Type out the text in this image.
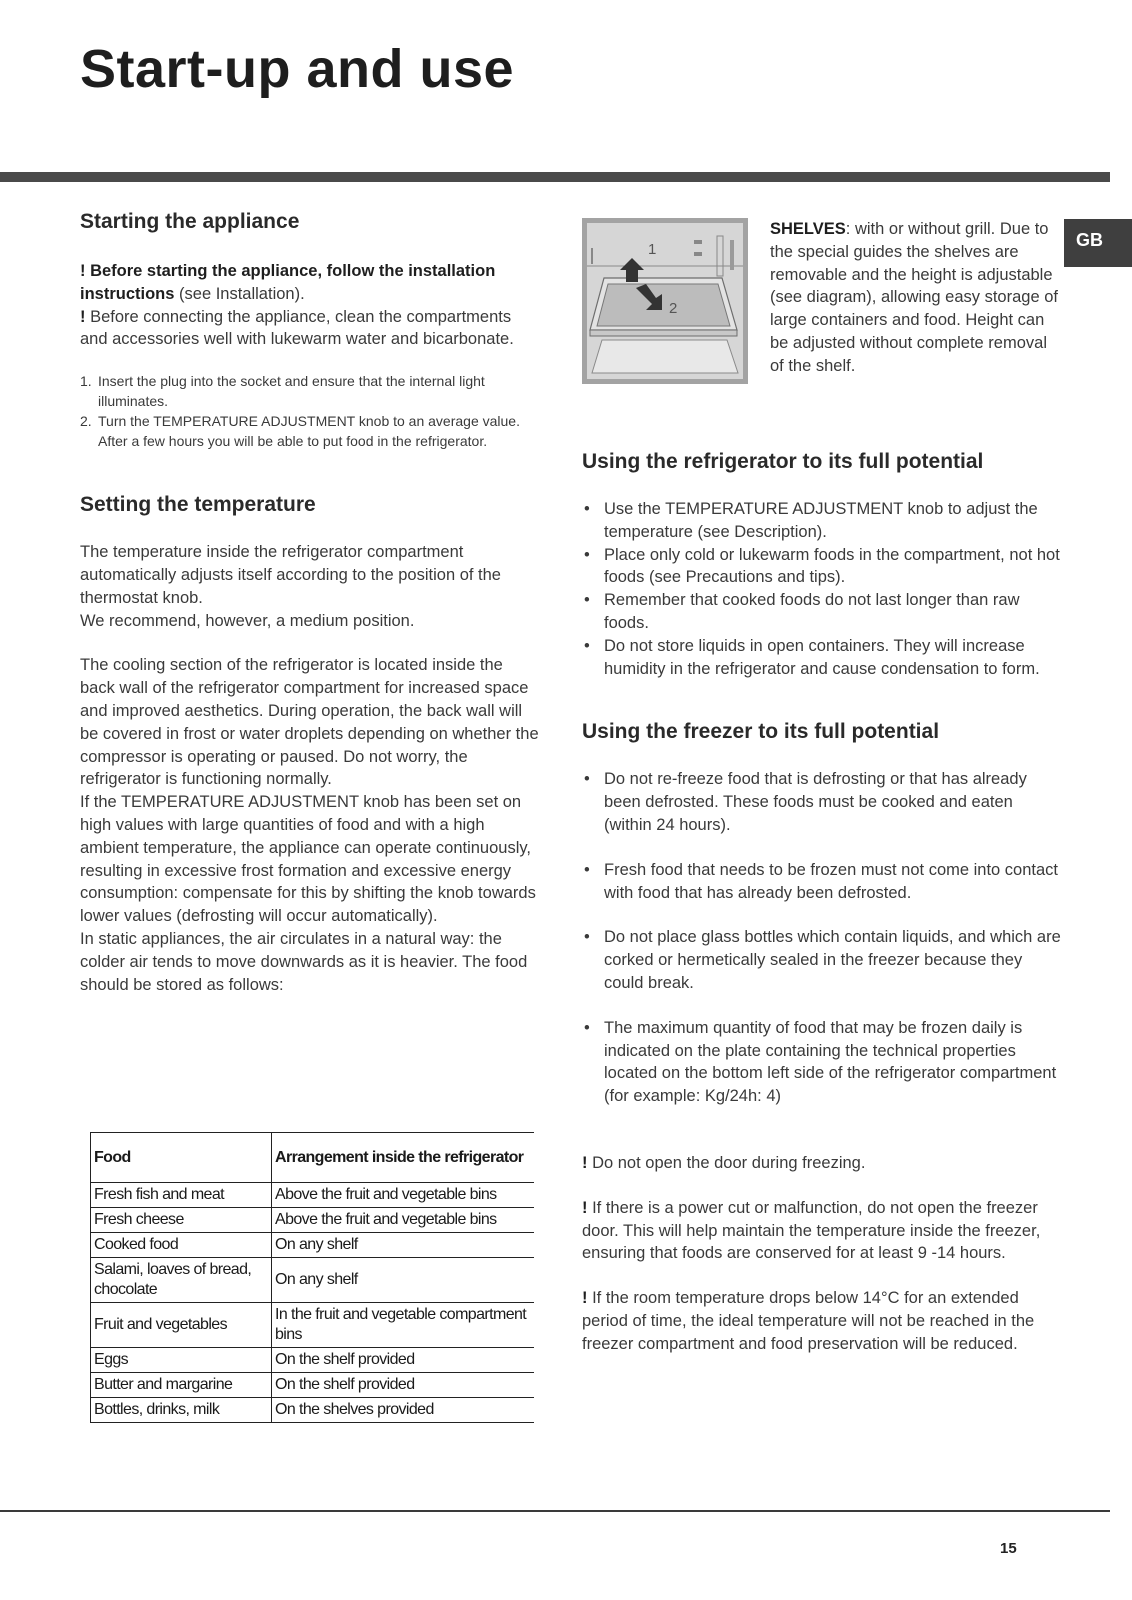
Start-up and use
GB
Starting the appliance

! Before starting the appliance, follow the installation instructions (see Installation).

! Before connecting the appliance, clean the compartments and accessories well with lukewarm water and bicarbonate.

1. Insert the plug into the socket and ensure that the internal light illuminates.
2. Turn the TEMPERATURE ADJUSTMENT knob to an average value. After a few hours you will be able to put food in the refrigerator.
Setting the temperature

The temperature inside the refrigerator compartment automatically adjusts itself according to the position of the thermostat knob.

We recommend, however, a medium position.

The cooling section of the refrigerator is located inside the back wall of the refrigerator compartment for increased space and improved aesthetics. During operation, the back wall will be covered in frost or water droplets depending on whether the compressor is operating or paused. Do not worry, the refrigerator is functioning normally.

If the TEMPERATURE ADJUSTMENT knob has been set on high values with large quantities of food and with a high ambient temperature, the appliance can operate continuously, resulting in excessive frost formation and excessive energy consumption: compensate for this by shifting the knob towards lower values (defrosting will occur automatically).

In static appliances, the air circulates in a natural way: the colder air tends to move downwards as it is heavier. The food should be stored as follows:

Food	Arrangement inside the refrigerator
Fresh fish and meat	Above the fruit and vegetable bins
Fresh cheese	Above the fruit and vegetable bins
Cooked food	On any shelf
Salami, loaves of bread, chocolate	On any shelf
Fruit and vegetables	In the fruit and vegetable compartment bins
Eggs	On the shelf provided
Butter and margarine	On the shelf provided
Bottles, drinks, milk	On the shelves provided
1
2

SHELVES: with or without grill. Due to the special guides the shelves are removable and the height is adjustable (see diagram), allowing easy storage of large containers and food. Height can be adjusted without complete removal of the shelf.

Using the refrigerator to its full potential
• Use the TEMPERATURE ADJUSTMENT knob to adjust the temperature (see Description).
• Place only cold or lukewarm foods in the compartment, not hot foods (see Precautions and tips).
• Remember that cooked foods do not last longer than raw foods.
• Do not store liquids in open containers. They will increase humidity in the refrigerator and cause condensation to form.
Using the freezer to its full potential
• Do not re-freeze food that is defrosting or that has already been defrosted. These foods must be cooked and eaten (within 24 hours).
• Fresh food that needs to be frozen must not come into contact with food that has already been defrosted.
• Do not place glass bottles which contain liquids, and which are corked or hermetically sealed in the freezer because they could break.
• The maximum quantity of food that may be frozen daily is indicated on the plate containing the technical properties located on the bottom left side of the refrigerator compartment (for example: Kg/24h: 4)

! Do not open the door during freezing.

! If there is a power cut or malfunction, do not open the freezer door. This will help maintain the temperature inside the freezer, ensuring that foods are conserved for at least 9 -14 hours.

! If the room temperature drops below 14°C for an extended period of time, the ideal temperature will not be reached in the freezer compartment and food preservation will be reduced.

15
